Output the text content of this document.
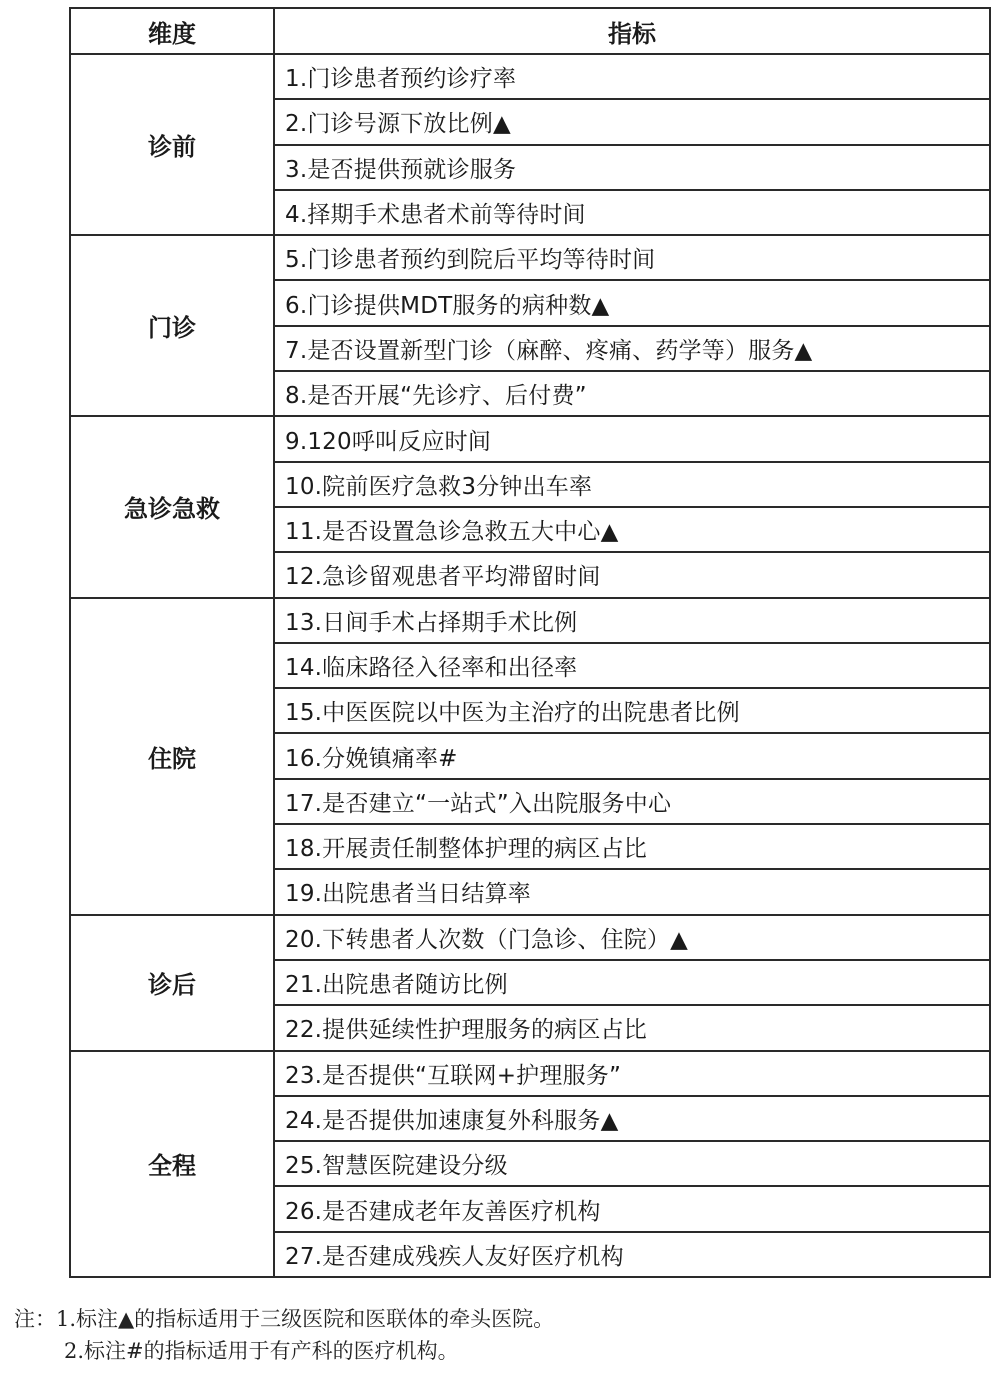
维度	指标
诊前	1.门诊患者预约诊疗率
	2.门诊号源下放比例▲
	3.是否提供预就诊服务
	4.择期手术患者术前等待时间
门诊	5.门诊患者预约到院后平均等待时间
	6.门诊提供MDT服务的病种数▲
	7.是否设置新型门诊（麻醉、疼痛、药学等）服务▲
	8.是否开展“先诊疗、后付费”
急诊急救	9.120呼叫反应时间
	10.院前医疗急救3分钟出车率
	11.是否设置急诊急救五大中心▲
	12.急诊留观患者平均滞留时间
住院	13.日间手术占择期手术比例
	14.临床路径入径率和出径率
	15.中医医院以中医为主治疗的出院患者比例
	16.分娩镇痛率#
	17.是否建立“一站式”入出院服务中心
	18.开展责任制整体护理的病区占比
	19.出院患者当日结算率
诊后	20.下转患者人次数（门急诊、住院）▲
	21.出院患者随访比例
	22.提供延续性护理服务的病区占比
全程	23.是否提供“互联网+护理服务”
	24.是否提供加速康复外科服务▲
	25.智慧医院建设分级
	26.是否建成老年友善医疗机构
	27.是否建成残疾人友好医疗机构
注：1.标注▲的指标适用于三级医院和医联体的牵头医院。
2.标注#的指标适用于有产科的医疗机构。
